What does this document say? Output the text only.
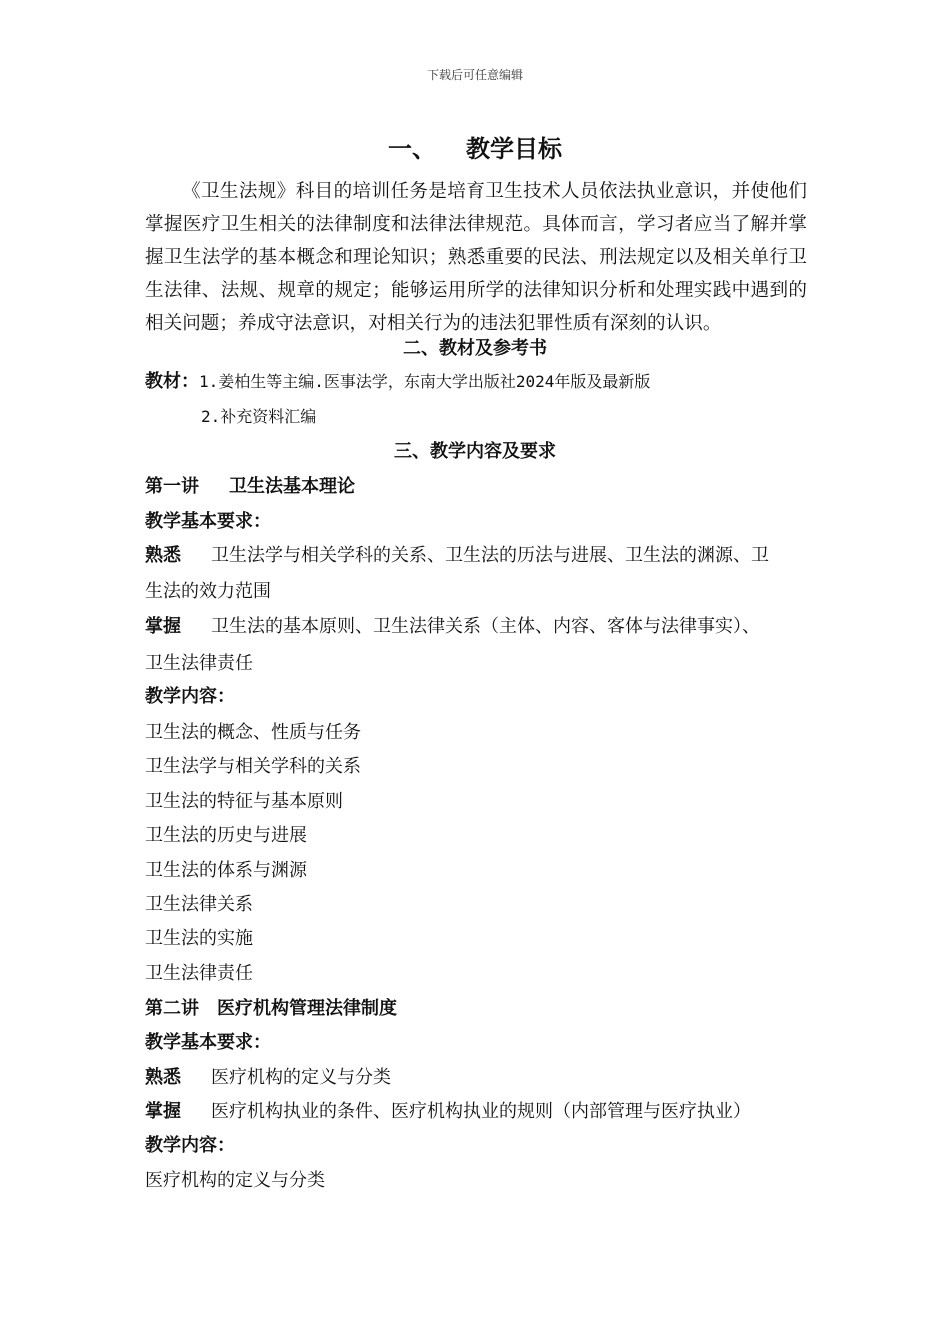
下载后可任意编辑
一、 教学目标
《卫生法规》科目的培训任务是培育卫生技术人员依法执业意识，并使他们掌握医疗卫生相关的法律制度和法律法律规范。具体而言，学习者应当了解并掌握卫生法学的基本概念和理论知识；熟悉重要的民法、刑法规定以及相关单行卫生法律、法规、规章的规定；能够运用所学的法律知识分析和处理实践中遇到的相关问题；养成守法意识，对相关行为的违法犯罪性质有深刻的认识。
二、教材及参考书
教材：1.姜柏生等主编.医事法学，东南大学出版社2024年版及最新版
2.补充资料汇编
三、教学内容及要求
第一讲 卫生法基本理论
教学基本要求：
熟悉 卫生法学与相关学科的关系、卫生法的历法与进展、卫生法的渊源、卫
生法的效力范围
掌握 卫生法的基本原则、卫生法律关系（主体、内容、客体与法律事实）、
卫生法律责任
教学内容：
卫生法的概念、性质与任务
卫生法学与相关学科的关系
卫生法的特征与基本原则
卫生法的历史与进展
卫生法的体系与渊源
卫生法律关系
卫生法的实施
卫生法律责任
第二讲 医疗机构管理法律制度
教学基本要求：
熟悉 医疗机构的定义与分类
掌握 医疗机构执业的条件、医疗机构执业的规则（内部管理与医疗执业）
教学内容：
医疗机构的定义与分类
